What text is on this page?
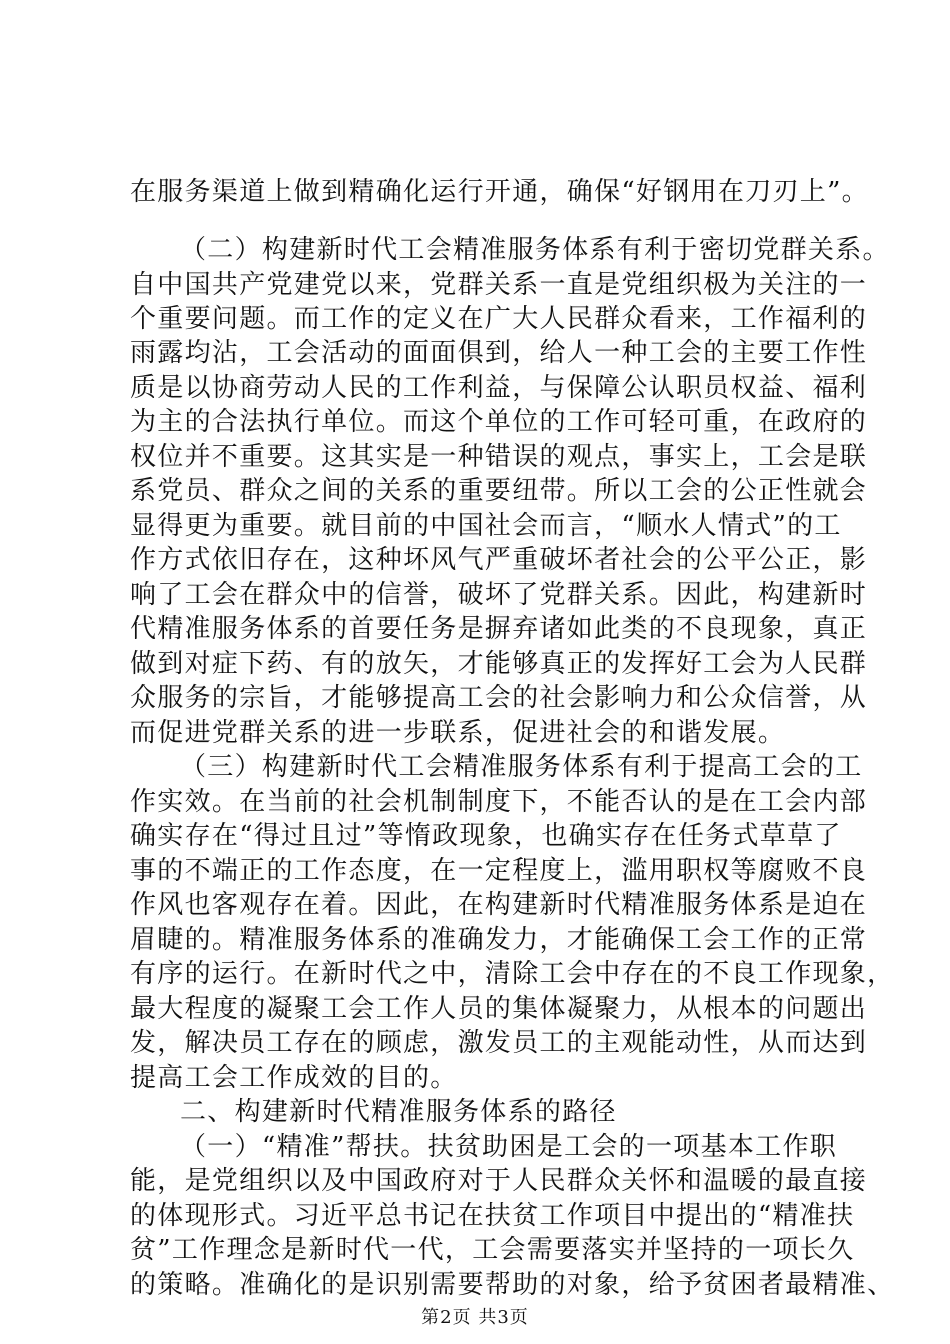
在服务渠道上做到精确化运行开通，确保“好钢用在刀刃上”。
（二）构建新时代工会精准服务体系有利于密切党群关系。
自中国共产党建党以来，党群关系一直是党组织极为关注的一
个重要问题。而工作的定义在广大人民群众看来，工作福利的
雨露均沾，工会活动的面面俱到，给人一种工会的主要工作性
质是以协商劳动人民的工作利益，与保障公认职员权益、福利
为主的合法执行单位。而这个单位的工作可轻可重，在政府的
权位并不重要。这其实是一种错误的观点，事实上，工会是联
系党员、群众之间的关系的重要纽带。所以工会的公正性就会
显得更为重要。就目前的中国社会而言，“顺水人情式”的工
作方式依旧存在，这种坏风气严重破坏者社会的公平公正，影
响了工会在群众中的信誉，破坏了党群关系。因此，构建新时
代精准服务体系的首要任务是摒弃诸如此类的不良现象，真正
做到对症下药、有的放矢，才能够真正的发挥好工会为人民群
众服务的宗旨，才能够提高工会的社会影响力和公众信誉，从
而促进党群关系的进一步联系，促进社会的和谐发展。
（三）构建新时代工会精准服务体系有利于提高工会的工
作实效。在当前的社会机制制度下，不能否认的是在工会内部
确实存在“得过且过”等惰政现象，也确实存在任务式草草了
事的不端正的工作态度，在一定程度上，滥用职权等腐败不良
作风也客观存在着。因此，在构建新时代精准服务体系是迫在
眉睫的。精准服务体系的准确发力，才能确保工会工作的正常
有序的运行。在新时代之中，清除工会中存在的不良工作现象，
最大程度的凝聚工会工作人员的集体凝聚力，从根本的问题出
发，解决员工存在的顾虑，激发员工的主观能动性，从而达到
提高工会工作成效的目的。
二、构建新时代精准服务体系的路径
（一）“精准”帮扶。扶贫助困是工会的一项基本工作职
能，是党组织以及中国政府对于人民群众关怀和温暖的最直接
的体现形式。习近平总书记在扶贫工作项目中提出的“精准扶
贫”工作理念是新时代一代，工会需要落实并坚持的一项长久
的策略。准确化的是识别需要帮助的对象，给予贫困者最精准、
第2页 共3页
